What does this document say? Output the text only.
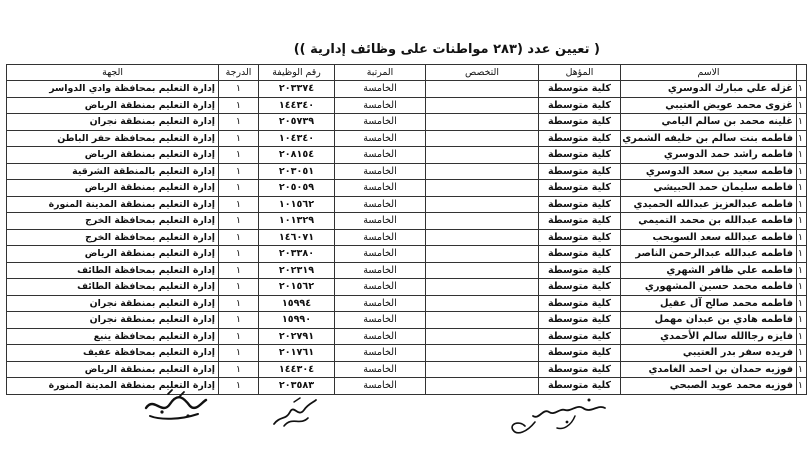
( تعيين عدد (٢٨٣ مواطنات على وظائف إدارية ))
	الاسم	المؤهل	التخصص	المرتبة	رقم الوظيفة	الدرجة	الجهة
١	غزله علي مبارك الدوسري	كلية متوسطة		الخامسة	٢٠٣٣٧٤	١	إدارة التعليم بمحافظة وادي الدواسر
١	غزوى محمد عويض العتيبي	كلية متوسطة		الخامسة	١٤٤٣٤٠	١	إدارة التعليم بمنطقة الرياض
١	غلينه محمد بن سالم اليامي	كلية متوسطة		الخامسة	٢٠٥٧٣٩	١	إدارة التعليم بمنطقة نجران
١	فاطمه بنت سالم بن خليفه الشمري	كلية متوسطة		الخامسة	١٠٤٣٤٠	١	إدارة التعليم بمحافظة حفر الباطن
١	فاطمه راشد حمد الدوسري	كلية متوسطة		الخامسة	٢٠٨١٥٤	١	إدارة التعليم بمنطقة الرياض
١	فاطمه سعيد بن سعد الدوسري	كلية متوسطة		الخامسة	٢٠٣٠٥١	١	إدارة التعليم بالمنطقة الشرقية
١	فاطمه سليمان حمد الحبيشي	كلية متوسطة		الخامسة	٢٠٥٠٥٩	١	إدارة التعليم بمنطقة الرياض
١	فاطمه عبدالعزيز عبدالله الحميدي	كلية متوسطة		الخامسة	١٠١٥٦٢	١	إدارة التعليم بمنطقة المدينة المنورة
١	فاطمه عبدالله بن محمد التميمي	كلية متوسطة		الخامسة	١٠١٣٢٩	١	إدارة التعليم بمحافظة الخرج
١	فاطمه عبدالله سعد السويحب	كلية متوسطة		الخامسة	١٤٦٠٧١	١	إدارة التعليم بمحافظة الخرج
١	فاطمه عبدالله عبدالرحمن الناصر	كلية متوسطة		الخامسة	٢٠٣٣٨٠	١	إدارة التعليم بمنطقة الرياض
١	فاطمه علي ظافر الشهري	كلية متوسطة		الخامسة	٢٠٢٣١٩	١	إدارة التعليم بمحافظة الطائف
١	فاطمه محمد حسين المشهوري	كلية متوسطة		الخامسة	٢٠١٥٦٢	١	إدارة التعليم بمحافظة الطائف
١	فاطمه محمد صالح آل عقيل	كلية متوسطة		الخامسة	١٥٩٩٤	١	إدارة التعليم بمنطقة نجران
١	فاطمه هادي بن عبدان مهمل	كلية متوسطة		الخامسة	١٥٩٩٠	١	إدارة التعليم بمنطقة نجران
١	فايزه رجاالله سالم الأحمدي	كلية متوسطة		الخامسة	٢٠٢٧٩١	١	إدارة التعليم بمحافظة ينبع
١	فريده سفر بدر العتيبي	كلية متوسطة		الخامسة	٢٠١٧٦١	١	إدارة التعليم بمحافظة عفيف
١	فوزيه حمدان بن احمد الغامدي	كلية متوسطة		الخامسة	١٤٤٣٠٤	١	إدارة التعليم بمنطقة الرياض
١	فوزيه محمد عويد الصبحي	كلية متوسطة		الخامسة	٢٠٣٥٨٣	١	إدارة التعليم بمنطقة المدينة المنورة
